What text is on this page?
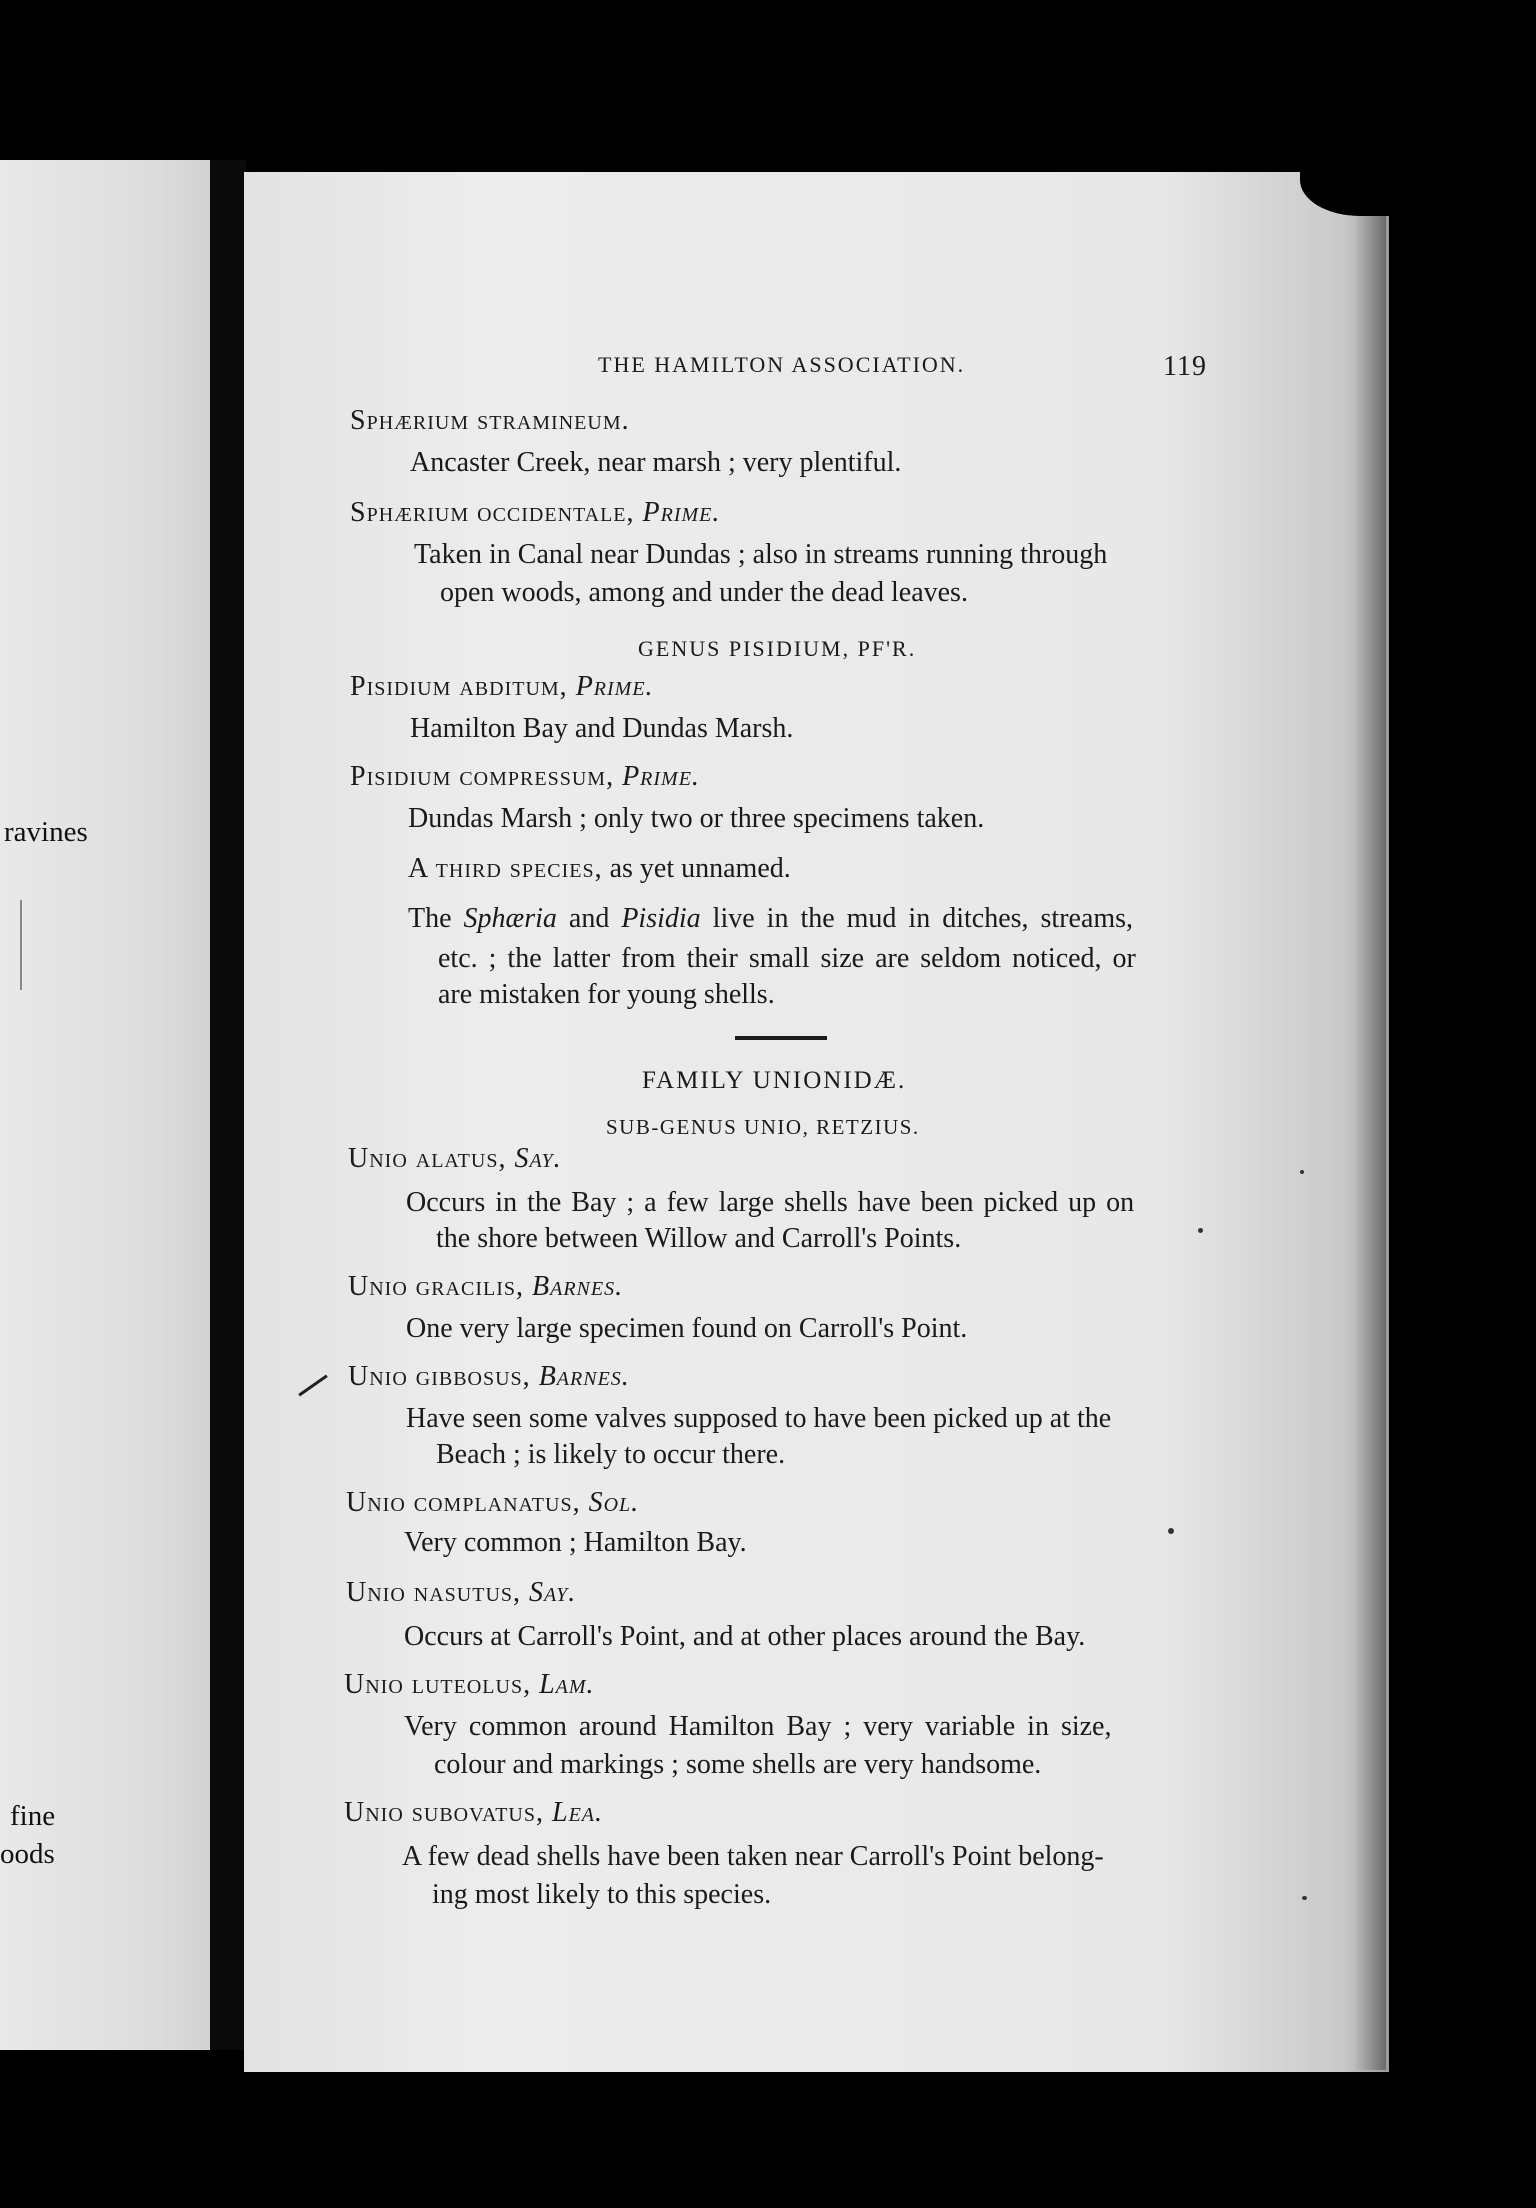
ravines
fine
oods
THE HAMILTON ASSOCIATION.	119
Sphærium stramineum.
Ancaster Creek, near marsh ; very plentiful.
Sphærium occidentale, Prime.
Taken in Canal near Dundas ; also in streams running through
open woods, among and under the dead leaves.
GENUS PISIDIUM, PF'R.
Pisidium abditum, Prime.
Hamilton Bay and Dundas Marsh.
Pisidium compressum, Prime.
Dundas Marsh ; only two or three specimens taken.
A third species, as yet unnamed.
The Sphæria and Pisidia live in the mud in ditches, streams,
etc. ; the latter from their small size are seldom noticed, or
are mistaken for young shells.
FAMILY UNIONIDÆ.
SUB-GENUS UNIO, RETZIUS.
Unio alatus, Say.
Occurs in the Bay ; a few large shells have been picked up on
the shore between Willow and Carroll's Points.
Unio gracilis, Barnes.
One very large specimen found on Carroll's Point.
Unio gibbosus, Barnes.
Have seen some valves supposed to have been picked up at the
Beach ; is likely to occur there.
Unio complanatus, Sol.
Very common ; Hamilton Bay.
Unio nasutus, Say.
Occurs at Carroll's Point, and at other places around the Bay.
Unio luteolus, Lam.
Very common around Hamilton Bay ; very variable in size,
colour and markings ; some shells are very handsome.
Unio subovatus, Lea.
A few dead shells have been taken near Carroll's Point belong-
ing most likely to this species.
